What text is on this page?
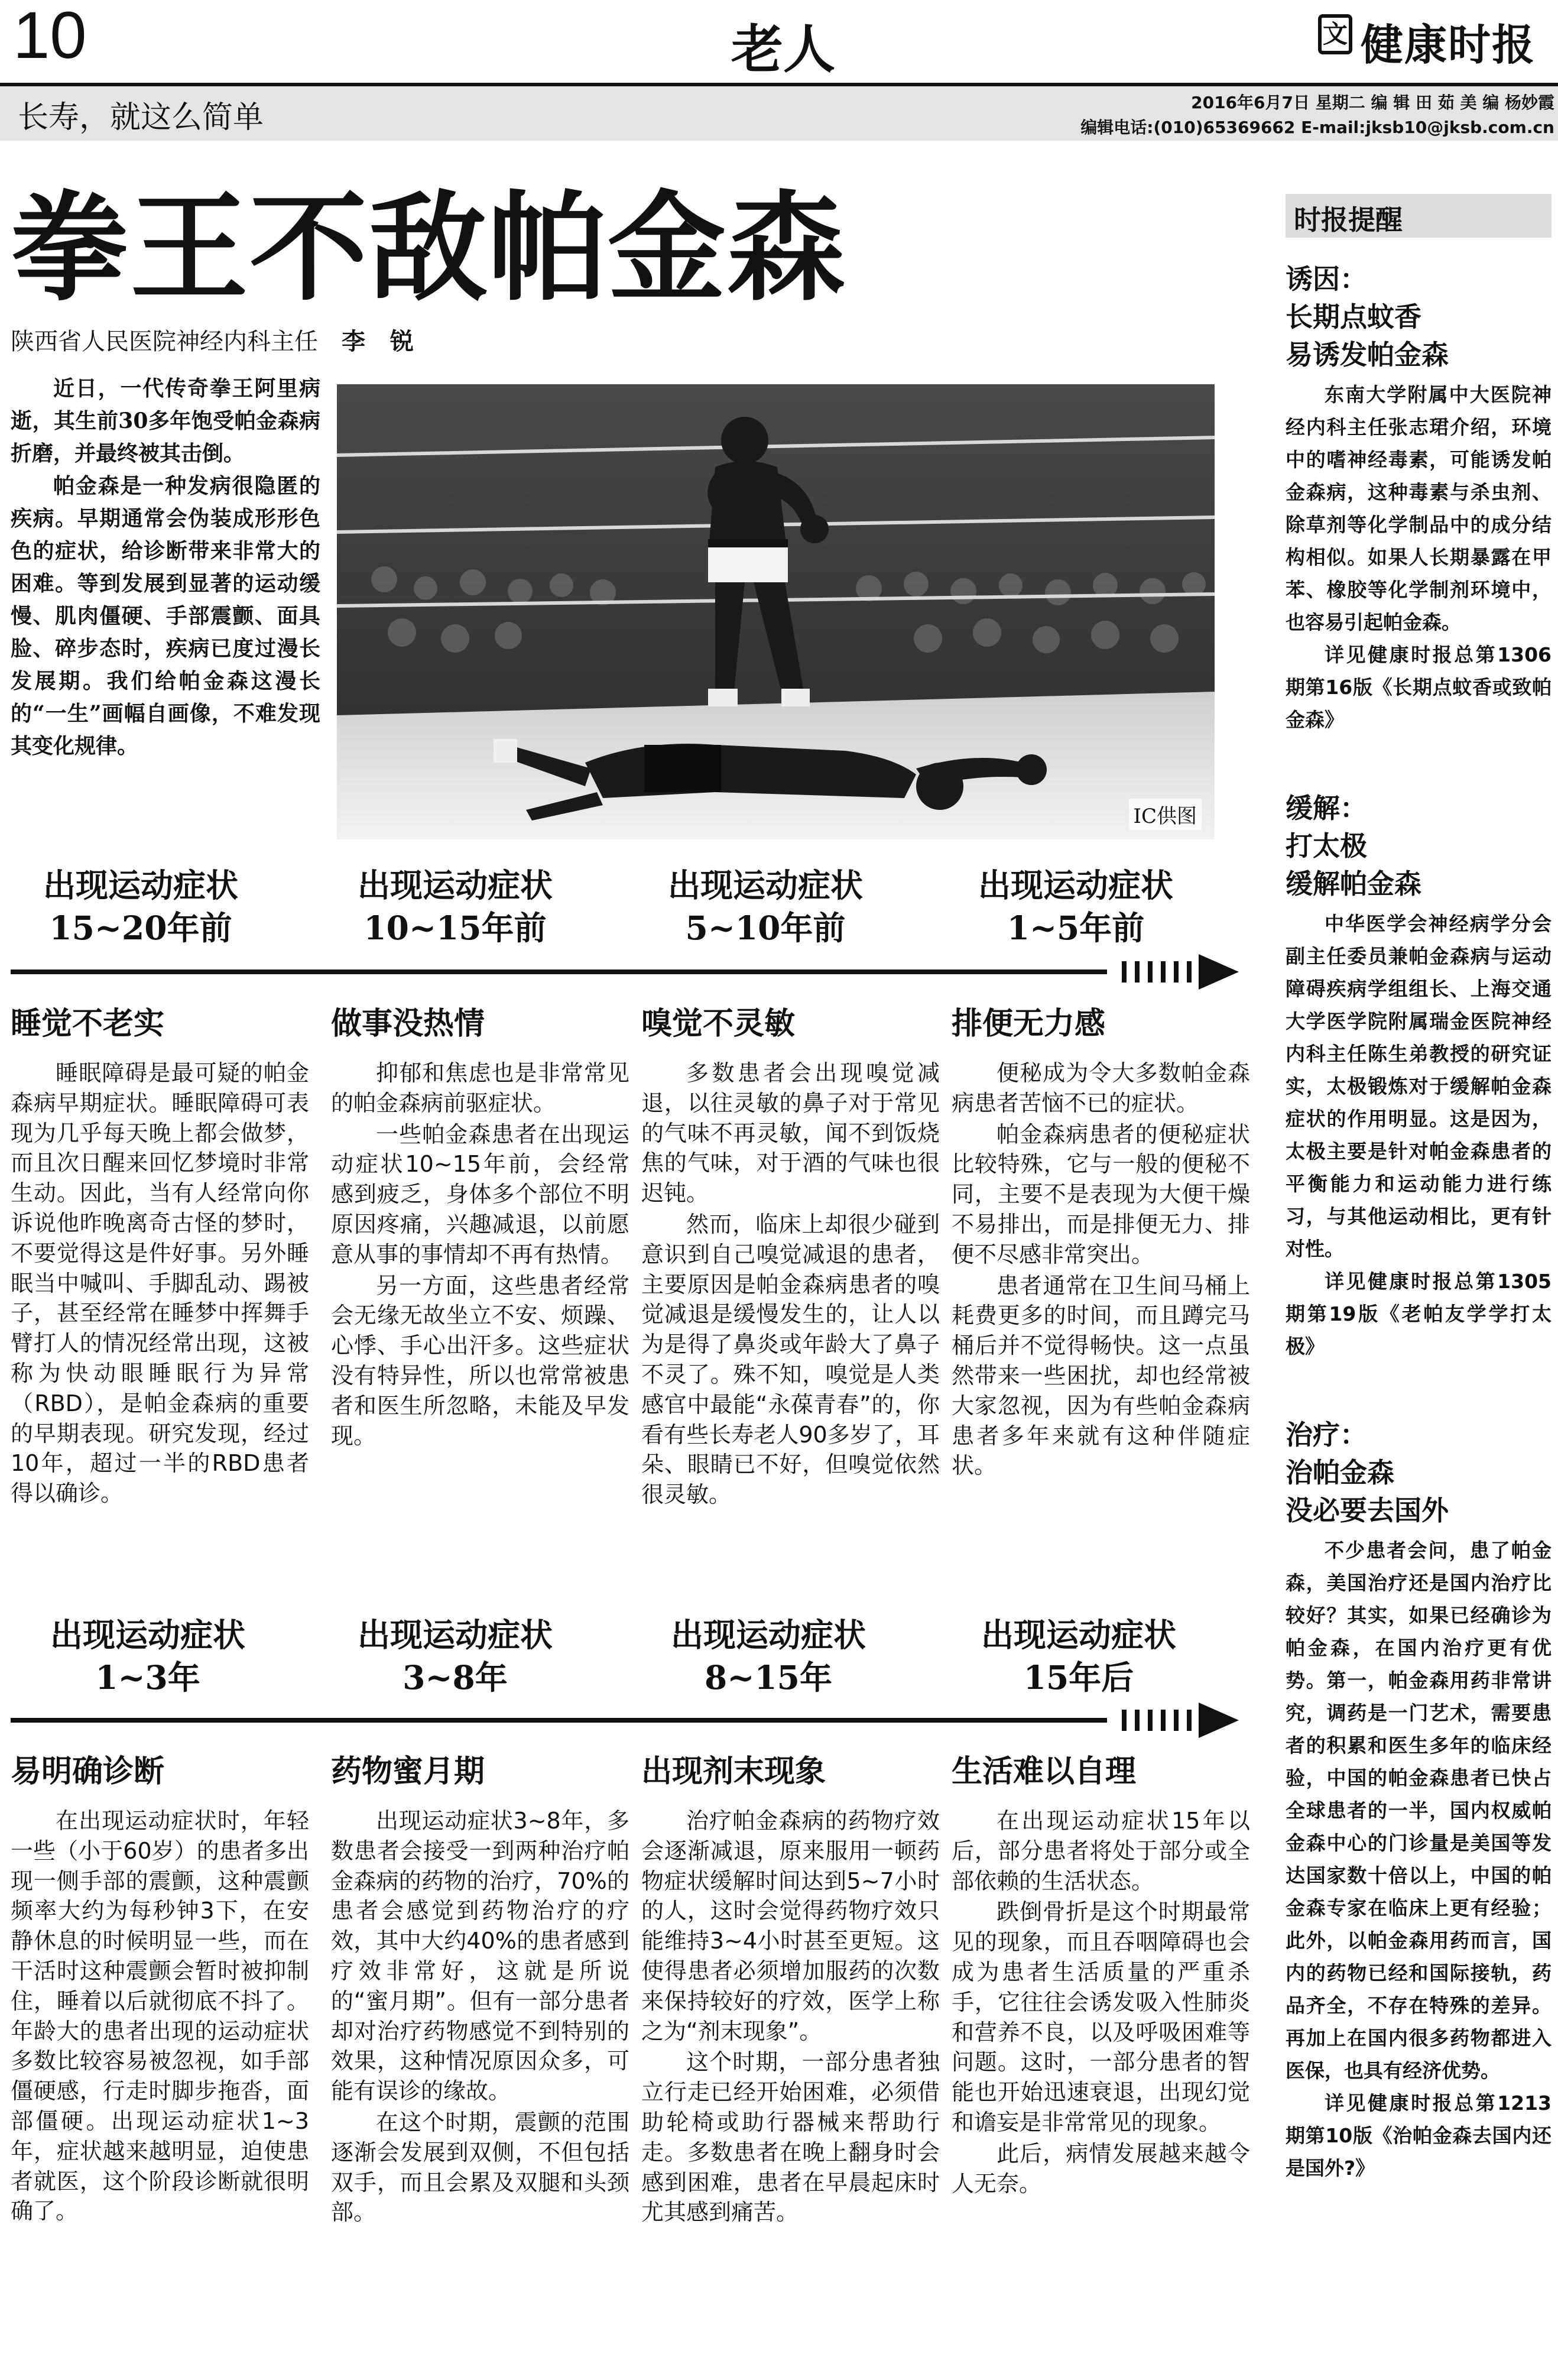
10	老人	文 健康时报
长寿，就这么简单	2016年6月7日 星期二 编 辑 田 茹 美 编 杨妙霞
编辑电话:(010)65369662 E-mail:jksb10@jksb.com.cn
拳王不敌帕金森
陕西省人民医院神经内科主任 李 锐

近日，一代传奇拳王阿里病逝，其生前30多年饱受帕金森病折磨，并最终被其击倒。

帕金森是一种发病很隐匿的疾病。早期通常会伪装成形形色色的症状，给诊断带来非常大的困难。等到发展到显著的运动缓慢、肌肉僵硬、手部震颤、面具脸、碎步态时，疾病已度过漫长发展期。我们给帕金森这漫长的“一生”画幅自画像，不难发现其变化规律。

IC供图
出现运动症状
15~20年前
出现运动症状
10~15年前
出现运动症状
5~10年前
出现运动症状
1~5年前
睡觉不老实

睡眠障碍是最可疑的帕金森病早期症状。睡眠障碍可表现为几乎每天晚上都会做梦，而且次日醒来回忆梦境时非常生动。因此，当有人经常向你诉说他昨晚离奇古怪的梦时，不要觉得这是件好事。另外睡眠当中喊叫、手脚乱动、踢被子，甚至经常在睡梦中挥舞手臂打人的情况经常出现，这被称为快动眼睡眠行为异常（RBD），是帕金森病的重要的早期表现。研究发现，经过10年，超过一半的RBD患者得以确诊。

做事没热情

抑郁和焦虑也是非常常见的帕金森病前驱症状。

一些帕金森患者在出现运动症状10~15年前，会经常感到疲乏，身体多个部位不明原因疼痛，兴趣减退，以前愿意从事的事情却不再有热情。

另一方面，这些患者经常会无缘无故坐立不安、烦躁、心悸、手心出汗多。这些症状没有特异性，所以也常常被患者和医生所忽略，未能及早发现。

嗅觉不灵敏

多数患者会出现嗅觉减退，以往灵敏的鼻子对于常见的气味不再灵敏，闻不到饭烧焦的气味，对于酒的气味也很迟钝。

然而，临床上却很少碰到意识到自己嗅觉减退的患者，主要原因是帕金森病患者的嗅觉减退是缓慢发生的，让人以为是得了鼻炎或年龄大了鼻子不灵了。殊不知，嗅觉是人类感官中最能“永葆青春”的，你看有些长寿老人90多岁了，耳朵、眼睛已不好，但嗅觉依然很灵敏。

排便无力感

便秘成为令大多数帕金森病患者苦恼不已的症状。

帕金森病患者的便秘症状比较特殊，它与一般的便秘不同，主要不是表现为大便干燥不易排出，而是排便无力、排便不尽感非常突出。

患者通常在卫生间马桶上耗费更多的时间，而且蹲完马桶后并不觉得畅快。这一点虽然带来一些困扰，却也经常被大家忽视，因为有些帕金森病患者多年来就有这种伴随症状。

出现运动症状
1~3年
出现运动症状
3~8年
出现运动症状
8~15年
出现运动症状
15年后
易明确诊断

在出现运动症状时，年轻一些（小于60岁）的患者多出现一侧手部的震颤，这种震颤频率大约为每秒钟3下，在安静休息的时候明显一些，而在干活时这种震颤会暂时被抑制住，睡着以后就彻底不抖了。年龄大的患者出现的运动症状多数比较容易被忽视，如手部僵硬感，行走时脚步拖沓，面部僵硬。出现运动症状1~3年，症状越来越明显，迫使患者就医，这个阶段诊断就很明确了。

药物蜜月期

出现运动症状3~8年，多数患者会接受一到两种治疗帕金森病的药物的治疗，70%的患者会感觉到药物治疗的疗效，其中大约40%的患者感到疗效非常好，这就是所说的“蜜月期”。但有一部分患者却对治疗药物感觉不到特别的效果，这种情况原因众多，可能有误诊的缘故。

在这个时期，震颤的范围逐渐会发展到双侧，不但包括双手，而且会累及双腿和头颈部。

出现剂末现象

治疗帕金森病的药物疗效会逐渐减退，原来服用一顿药物症状缓解时间达到5~7小时的人，这时会觉得药物疗效只能维持3~4小时甚至更短。这使得患者必须增加服药的次数来保持较好的疗效，医学上称之为“剂末现象”。

这个时期，一部分患者独立行走已经开始困难，必须借助轮椅或助行器械来帮助行走。多数患者在晚上翻身时会感到困难，患者在早晨起床时尤其感到痛苦。

生活难以自理

在出现运动症状15年以后，部分患者将处于部分或全部依赖的生活状态。

跌倒骨折是这个时期最常见的现象，而且吞咽障碍也会成为患者生活质量的严重杀手，它往往会诱发吸入性肺炎和营养不良，以及呼吸困难等问题。这时，一部分患者的智能也开始迅速衰退，出现幻觉和谵妄是非常常见的现象。

此后，病情发展越来越令人无奈。

时报提醒
诱因：
长期点蚊香
易诱发帕金森

东南大学附属中大医院神经内科主任张志珺介绍，环境中的嗜神经毒素，可能诱发帕金森病，这种毒素与杀虫剂、除草剂等化学制品中的成分结构相似。如果人长期暴露在甲苯、橡胶等化学制剂环境中，也容易引起帕金森。

详见健康时报总第1306期第16版《长期点蚊香或致帕金森》

缓解：
打太极
缓解帕金森

中华医学会神经病学分会副主任委员兼帕金森病与运动障碍疾病学组组长、上海交通大学医学院附属瑞金医院神经内科主任陈生弟教授的研究证实，太极锻炼对于缓解帕金森症状的作用明显。这是因为，太极主要是针对帕金森患者的平衡能力和运动能力进行练习，与其他运动相比，更有针对性。

详见健康时报总第1305期第19版《老帕友学学打太极》

治疗：
治帕金森
没必要去国外

不少患者会问，患了帕金森，美国治疗还是国内治疗比较好？其实，如果已经确诊为帕金森，在国内治疗更有优势。第一，帕金森用药非常讲究，调药是一门艺术，需要患者的积累和医生多年的临床经验，中国的帕金森患者已快占全球患者的一半，国内权威帕金森中心的门诊量是美国等发达国家数十倍以上，中国的帕金森专家在临床上更有经验；此外，以帕金森用药而言，国内的药物已经和国际接轨，药品齐全，不存在特殊的差异。再加上在国内很多药物都进入医保，也具有经济优势。

详见健康时报总第1213期第10版《治帕金森去国内还是国外?》
